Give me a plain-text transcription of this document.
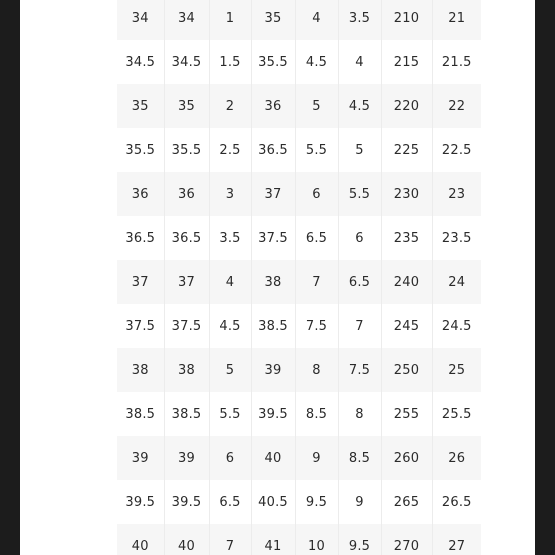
34	34	1	35	4	3.5	210	21
34.5	34.5	1.5	35.5	4.5	4	215	21.5
35	35	2	36	5	4.5	220	22
35.5	35.5	2.5	36.5	5.5	5	225	22.5
36	36	3	37	6	5.5	230	23
36.5	36.5	3.5	37.5	6.5	6	235	23.5
37	37	4	38	7	6.5	240	24
37.5	37.5	4.5	38.5	7.5	7	245	24.5
38	38	5	39	8	7.5	250	25
38.5	38.5	5.5	39.5	8.5	8	255	25.5
39	39	6	40	9	8.5	260	26
39.5	39.5	6.5	40.5	9.5	9	265	26.5
40	40	7	41	10	9.5	270	27
